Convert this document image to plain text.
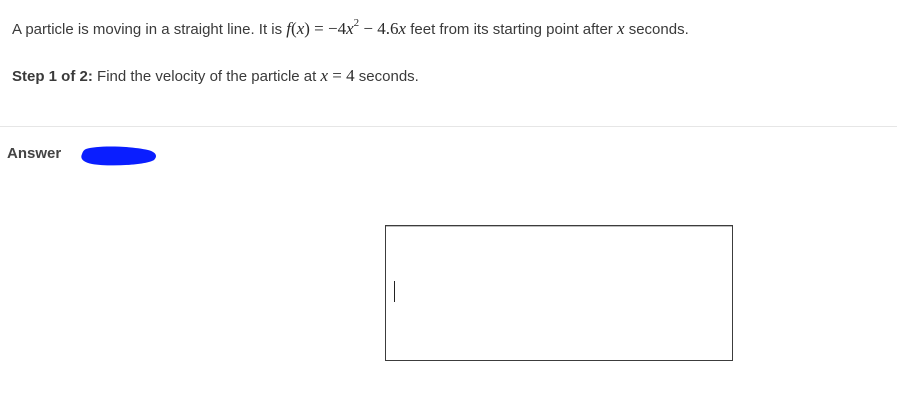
A particle is moving in a straight line. It is $f(x) = -4x^2 - 4.6x$ feet from its starting point after x seconds.
Step 1 of 2: Find the velocity of the particle at x = 4 seconds.
Answer
